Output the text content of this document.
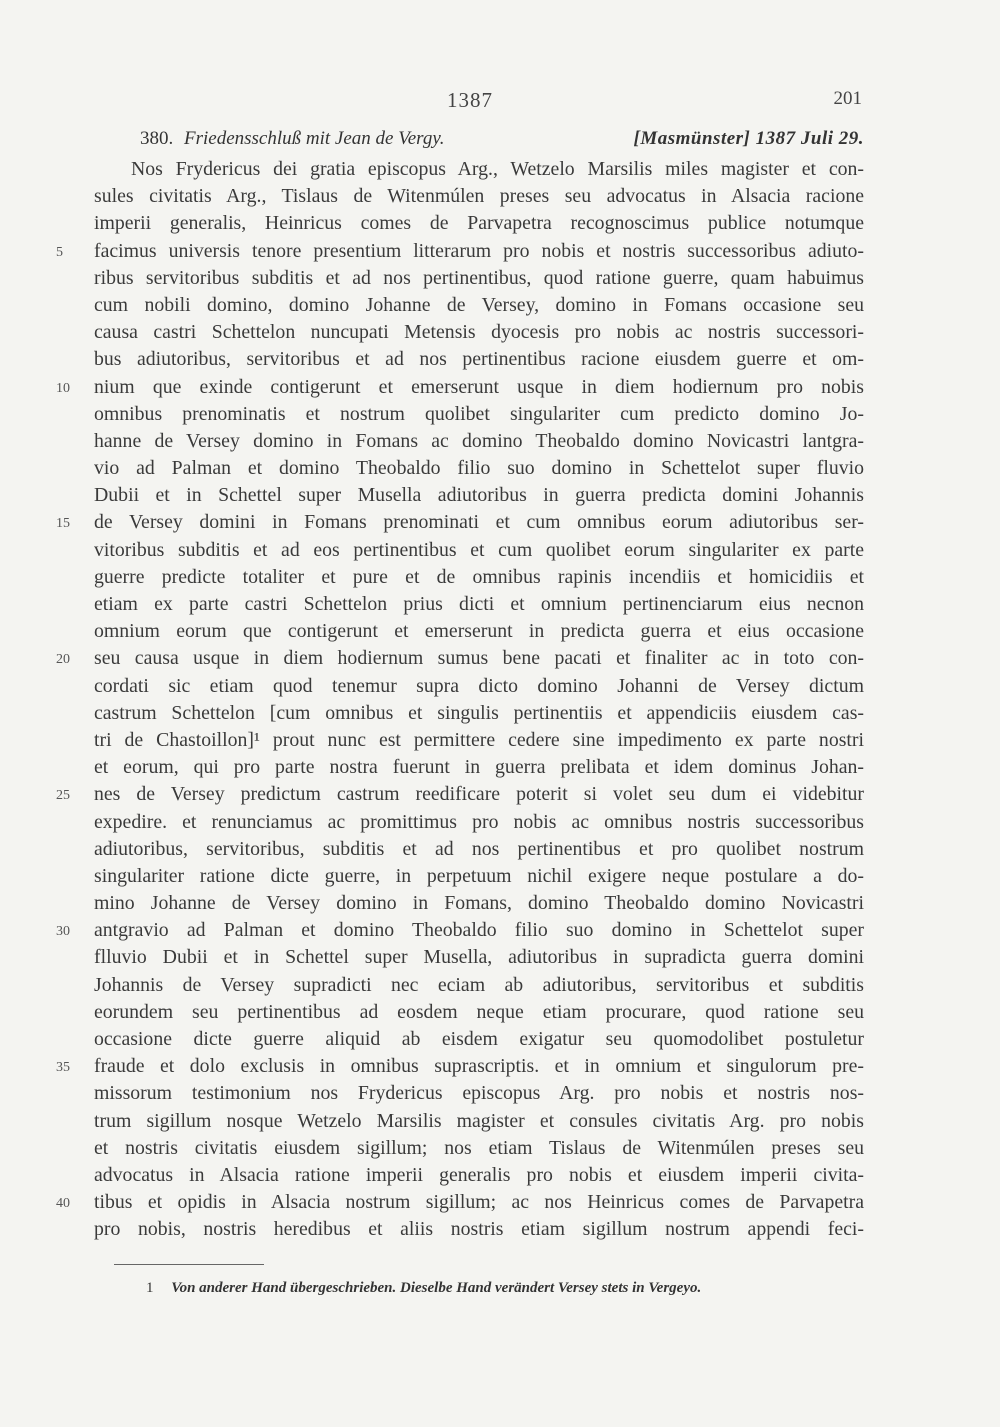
1387	201
380. Friedensschluß mit Jean de Vergy.	[Masmünster] 1387 Juli 29.
Nos Frydericus dei gratia episcopus Arg., Wetzelo Marsilis miles magister et con-
sules civitatis Arg., Tislaus de Witenmúlen preses seu advocatus in Alsacia racione
imperii generalis, Heinricus comes de Parvapetra recognoscimus publice notumque
5	facimus universis tenore presentium litterarum pro nobis et nostris successoribus adiuto-
ribus servitoribus subditis et ad nos pertinentibus, quod ratione guerre, quam habuimus
cum nobili domino, domino Johanne de Versey, domino in Fomans occasione seu
causa castri Schettelon nuncupati Metensis dyocesis pro nobis ac nostris successori-
bus adiutoribus, servitoribus et ad nos pertinentibus racione eiusdem guerre et om-
10	nium que exinde contigerunt et emerserunt usque in diem hodiernum pro nobis
omnibus prenominatis et nostrum quolibet singulariter cum predicto domino Jo-
hanne de Versey domino in Fomans ac domino Theobaldo domino Novicastri lantgra-
vio ad Palman et domino Theobaldo filio suo domino in Schettelot super fluvio
Dubii et in Schettel super Musella adiutoribus in guerra predicta domini Johannis
15	de Versey domini in Fomans prenominati et cum omnibus eorum adiutoribus ser-
vitoribus subditis et ad eos pertinentibus et cum quolibet eorum singulariter ex parte
guerre predicte totaliter et pure et de omnibus rapinis incendiis et homicidiis et
etiam ex parte castri Schettelon prius dicti et omnium pertinenciarum eius necnon
omnium eorum que contigerunt et emerserunt in predicta guerra et eius occasione
20	seu causa usque in diem hodiernum sumus bene pacati et finaliter ac in toto con-
cordati sic etiam quod tenemur supra dicto domino Johanni de Versey dictum
castrum Schettelon [cum omnibus et singulis pertinentiis et appendiciis eiusdem cas-
tri de Chastoillon]¹ prout nunc est permittere cedere sine impedimento ex parte nostri
et eorum, qui pro parte nostra fuerunt in guerra prelibata et idem dominus Johan-
25	nes de Versey predictum castrum reedificare poterit si volet seu dum ei videbitur
expedire. et renunciamus ac promittimus pro nobis ac omnibus nostris successoribus
adiutoribus, servitoribus, subditis et ad nos pertinentibus et pro quolibet nostrum
singulariter ratione dicte guerre, in perpetuum nichil exigere neque postulare a do-
mino Johanne de Versey domino in Fomans, domino Theobaldo domino Novicastri
30	antgravio ad Palman et domino Theobaldo filio suo domino in Schettelot super
flluvio Dubii et in Schettel super Musella, adiutoribus in supradicta guerra domini
Johannis de Versey supradicti nec eciam ab adiutoribus, servitoribus et subditis
eorundem seu pertinentibus ad eosdem neque etiam procurare, quod ratione seu
occasione dicte guerre aliquid ab eisdem exigatur seu quomodolibet postuletur
35	fraude et dolo exclusis in omnibus suprascriptis. et in omnium et singulorum pre-
missorum testimonium nos Frydericus episcopus Arg. pro nobis et nostris nos-
trum sigillum nosque Wetzelo Marsilis magister et consules civitatis Arg. pro nobis
et nostris civitatis eiusdem sigillum; nos etiam Tislaus de Witenmúlen preses seu
advocatus in Alsacia ratione imperii generalis pro nobis et eiusdem imperii civita-
40	tibus et opidis in Alsacia nostrum sigillum; ac nos Heinricus comes de Parvapetra
pro nobis, nostris heredibus et aliis nostris etiam sigillum nostrum appendi feci-
1 Von anderer Hand übergeschrieben. Dieselbe Hand verändert Versey stets in Vergeyo.
